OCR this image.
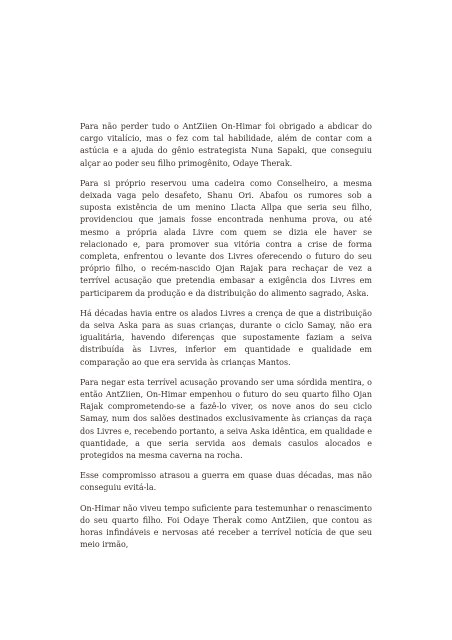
Para não perder tudo o AntZiien On-Himar foi obrigado a abdicar do cargo vitalício, mas o fez com tal habilidade, além de contar com a astúcia e a ajuda do gênio estrategista Nuna Sapaki, que conseguiu alçar ao poder seu filho primogênito, Odaye Therak.

Para si próprio reservou uma cadeira como Conselheiro, a mesma deixada vaga pelo desafeto, Shanu Ori. Abafou os rumores sob a suposta existência de um menino Llacta Allpa que seria seu filho, providenciou que jamais fosse encontrada nenhuma prova, ou até mesmo a própria alada Livre com quem se dizia ele haver se relacionado e, para promover sua vitória contra a crise de forma completa, enfrentou o levante dos Livres oferecendo o futuro do seu próprio filho, o recém-nascido Ojan Rajak para rechaçar de vez a terrível acusação que pretendia embasar a exigência dos Livres em participarem da produção e da distribuição do alimento sagrado, Aska.

Há décadas havia entre os alados Livres a crença de que a distribuição da seiva Aska para as suas crianças, durante o ciclo Samay, não era igualitária, havendo diferenças que supostamente faziam a seiva distribuída às Livres, inferior em quantidade e qualidade em comparação ao que era servida às crianças Mantos.

Para negar esta terrível acusação provando ser uma sórdida mentira, o então AntZiien, On-Himar empenhou o futuro do seu quarto filho Ojan Rajak comprometendo-se a fazê-lo viver, os nove anos do seu ciclo Samay, num dos salões destinados exclusivamente às crianças da raça dos Livres e, recebendo portanto, a seiva Aska idêntica, em qualidade e quantidade, a que seria servida aos demais casulos alocados e protegidos na mesma caverna na rocha.

Esse compromisso atrasou a guerra em quase duas décadas, mas não conseguiu evitá-la.

On-Himar não viveu tempo suficiente para testemunhar o renascimento do seu quarto filho. Foi Odaye Therak como AntZiien, que contou as horas infindáveis e nervosas até receber a terrível notícia de que seu meio irmão,
